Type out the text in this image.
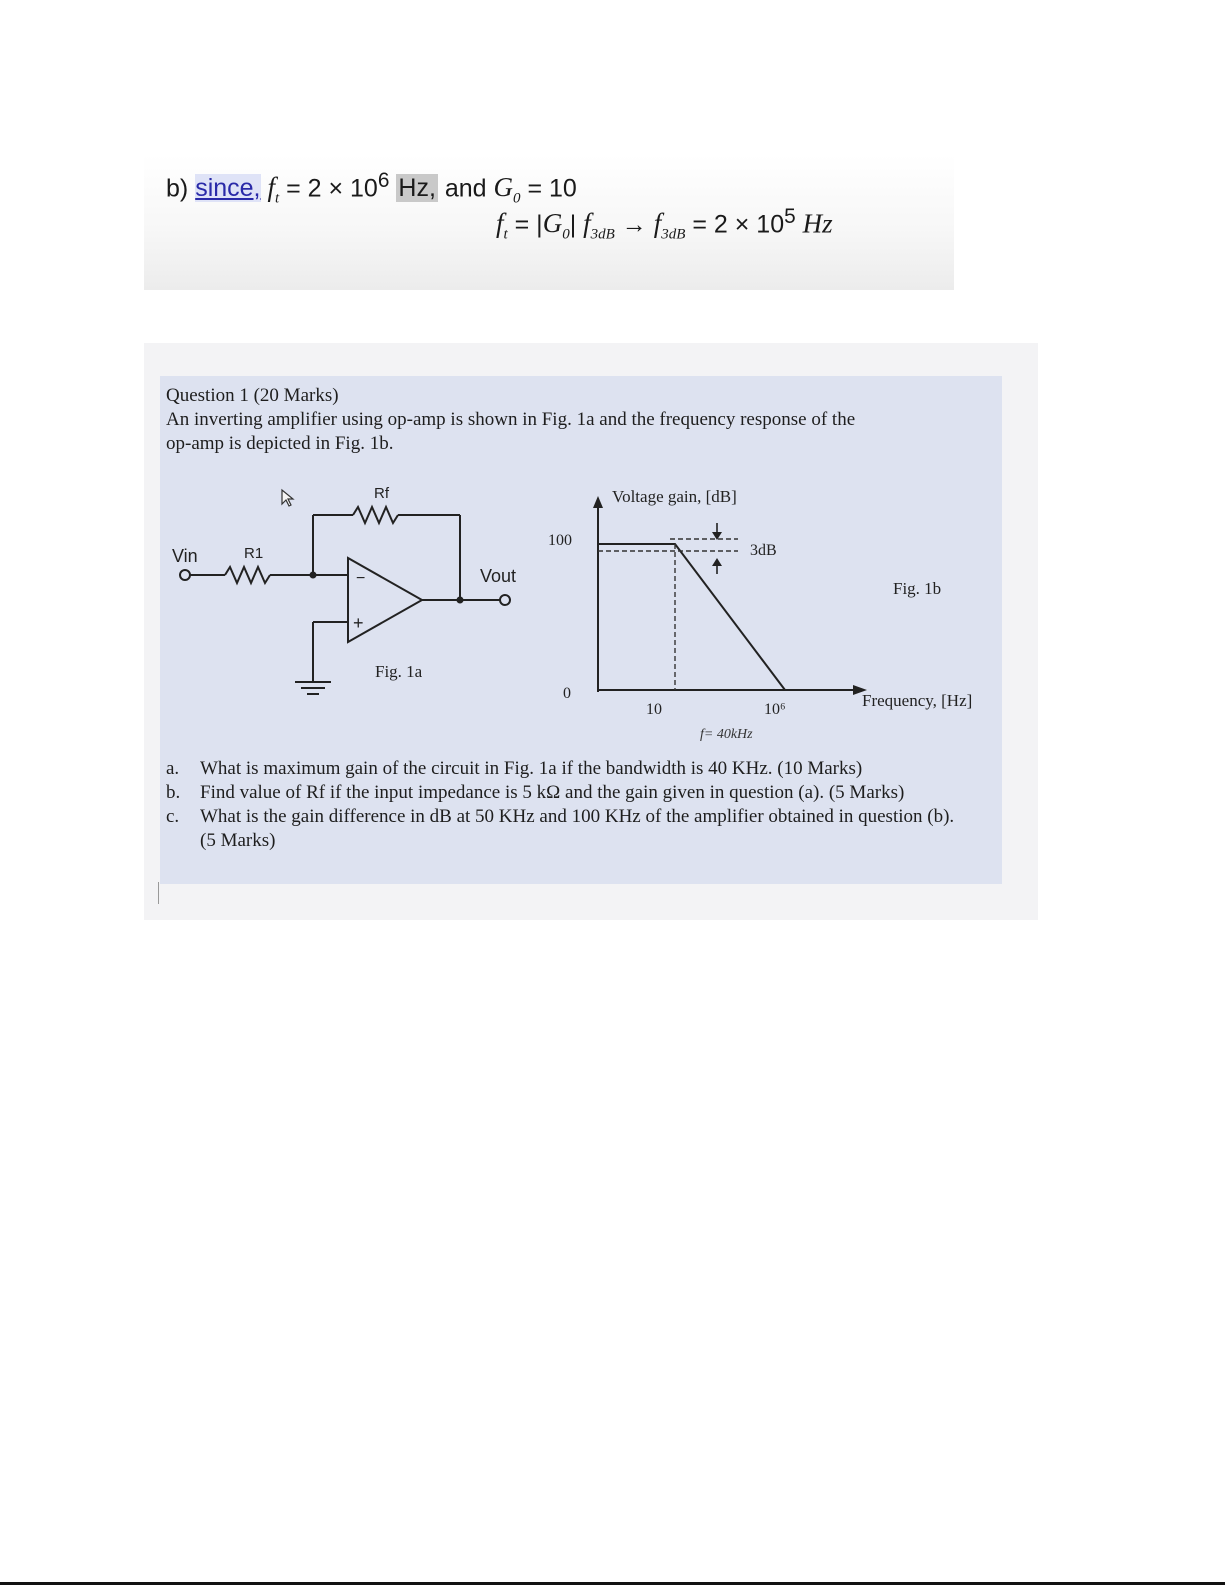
b) since, $f_t = 2 \times 10^6$ Hz, and $G_0 = 10$
$f_t = |G_0|$ $f_{3dB} \to f_{3dB} = 2 \times 10^5$ Hz
Question 1 (20 Marks)
An inverting amplifier using op-amp is shown in Fig. 1a and the frequency response of the
op-amp is depicted in Fig. 1b.
Vin	R1
Rf
Vout
−
+
Fig. 1a
Voltage gain, [dB]
100
0
10	10⁶
3dB
Frequency, [Hz]
Fig. 1b
f= 40kHz
a. What is maximum gain of the circuit in Fig. 1a if the bandwidth is 40 KHz. (10 Marks)
b. Find value of Rf if the input impedance is 5 kΩ and the gain given in question (a). (5 Marks)
c. What is the gain difference in dB at 50 KHz and 100 KHz of the amplifier obtained in question (b). (5 Marks)
